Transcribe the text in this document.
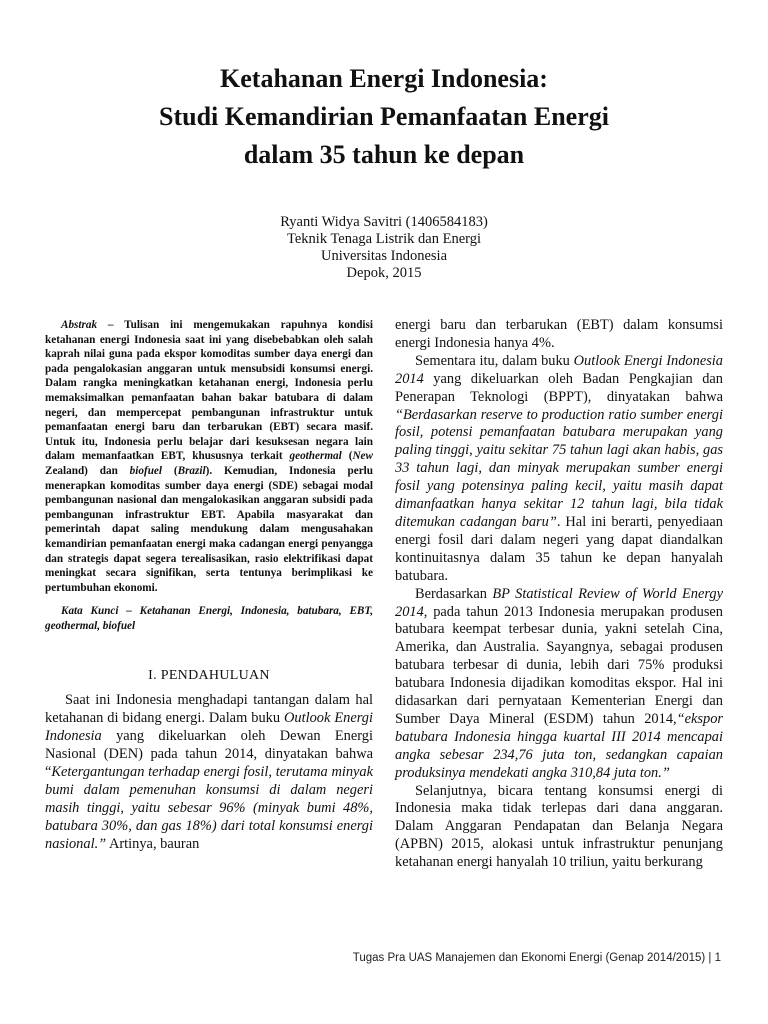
Ketahanan Energi Indonesia:
Studi Kemandirian Pemanfaatan Energi
dalam 35 tahun ke depan
Ryanti Widya Savitri (1406584183)
Teknik Tenaga Listrik dan Energi
Universitas Indonesia
Depok, 2015
Abstrak – Tulisan ini mengemukakan rapuhnya kondisi ketahanan energi Indonesia saat ini yang disebebabkan oleh salah kaprah nilai guna pada ekspor komoditas sumber daya energi dan pada pengalokasian anggaran untuk mensubsidi konsumsi energi. Dalam rangka meningkatkan ketahanan energi, Indonesia perlu memaksimalkan pemanfaatan bahan bakar batubara di dalam negeri, dan mempercepat pembangunan infrastruktur untuk pemanfaatan energi baru dan terbarukan (EBT) secara masif. Untuk itu, Indonesia perlu belajar dari kesuksesan negara lain dalam memanfaatkan EBT, khususnya terkait geothermal (New Zealand) dan biofuel (Brazil). Kemudian, Indonesia perlu menerapkan komoditas sumber daya energi (SDE) sebagai modal pembangunan nasional dan mengalokasikan anggaran subsidi pada pembangunan infrastruktur EBT. Apabila masyarakat dan pemerintah dapat saling mendukung dalam mengusahakan kemandirian pemanfaatan energi maka cadangan energi penyangga dan strategis dapat segera terealisasikan, rasio elektrifikasi dapat meningkat secara signifikan, serta tentunya berimplikasi ke pertumbuhan ekonomi.
Kata Kunci – Ketahanan Energi, Indonesia, batubara, EBT, geothermal, biofuel
I. PENDAHULUAN

Saat ini Indonesia menghadapi tantangan dalam hal ketahanan di bidang energi. Dalam buku Outlook Energi Indonesia yang dikeluarkan oleh Dewan Energi Nasional (DEN) pada tahun 2014, dinyatakan bahwa “Ketergantungan terhadap energi fosil, terutama minyak bumi dalam pemenuhan konsumsi di dalam negeri masih tinggi, yaitu sebesar 96% (minyak bumi 48%, batubara 30%, dan gas 18%) dari total konsumsi energi nasional.” Artinya, bauran

energi baru dan terbarukan (EBT) dalam konsumsi energi Indonesia hanya 4%.

Sementara itu, dalam buku Outlook Energi Indonesia 2014 yang dikeluarkan oleh Badan Pengkajian dan Penerapan Teknologi (BPPT), dinyatakan bahwa “Berdasarkan reserve to production ratio sumber energi fosil, potensi pemanfaatan batubara merupakan yang paling tinggi, yaitu sekitar 75 tahun lagi akan habis, gas 33 tahun lagi, dan minyak merupakan sumber energi fosil yang potensinya paling kecil, yaitu masih dapat dimanfaatkan hanya sekitar 12 tahun lagi, bila tidak ditemukan cadangan baru”. Hal ini berarti, penyediaan energi fosil dari dalam negeri yang dapat diandalkan kontinuitasnya dalam 35 tahun ke depan hanyalah batubara.

Berdasarkan BP Statistical Review of World Energy 2014, pada tahun 2013 Indonesia merupakan produsen batubara keempat terbesar dunia, yakni setelah Cina, Amerika, dan Australia. Sayangnya, sebagai produsen batubara terbesar di dunia, lebih dari 75% produksi batubara Indonesia dijadikan komoditas ekspor. Hal ini didasarkan dari pernyataan Kementerian Energi dan Sumber Daya Mineral (ESDM) tahun 2014,“ekspor batubara Indonesia hingga kuartal III 2014 mencapai angka sebesar 234,76 juta ton, sedangkan capaian produksinya mendekati angka 310,84 juta ton.”

Selanjutnya, bicara tentang konsumsi energi di Indonesia maka tidak terlepas dari dana anggaran. Dalam Anggaran Pendapatan dan Belanja Negara (APBN) 2015, alokasi untuk infrastruktur penunjang ketahanan energi hanyalah 10 triliun, yaitu berkurang

Tugas Pra UAS Manajemen dan Ekonomi Energi (Genap 2014/2015) | 1
